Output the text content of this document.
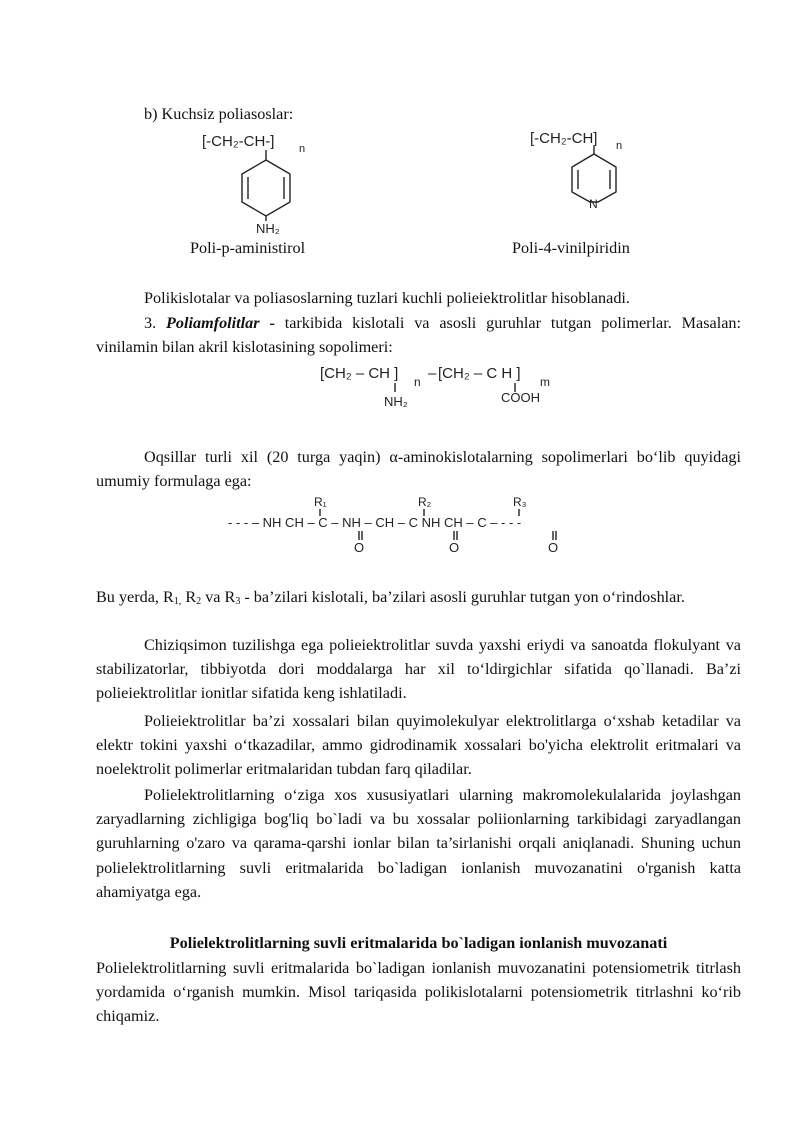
b) Kuchsiz poliasoslar:
[-CH₂-CH-] n
NH₂
[-CH₂-CH] n
N
Poli-p-aministirol	Poli-4-vinilpiridin

Polikislotalar va poliasoslarning tuzlari kuchli polieiektrolitlar hisoblanadi.

3. Poliamfolitlar - tarkibida kislotali va asosli guruhlar tutgan polimerlar. Masalan: vinilamin bilan akril kislotasining sopolimeri:

[CH₂ – CH ] n – [CH₂ – C H ] m
NH₂	COOH

Oqsillar turli xil (20 turga yaqin) α-aminokislotalarning sopolimerlari bo‘lib quyidagi umumiy formulaga ega:

- - - – NH CH – C – NH – CH – C NH CH – C – - - -
R₁	R₂	R₃
O	O	O

Bu yerda, $R_{1,}$ $R_2$ va $R_3$ - ba’zilari kislotali, ba’zilari asosli guruhlar tutgan yon o‘rindoshlar.

Chiziqsimon tuzilishga ega polieiektrolitlar suvda yaxshi eriydi va sanoatda flokulyant va stabilizatorlar, tibbiyotda dori moddalarga har xil to‘ldirgichlar sifatida qo`llanadi. Ba’zi polieiektrolitlar ionitlar sifatida keng ishlatiladi.

Polieiektrolitlar ba’zi xossalari bilan quyimolekulyar elektrolitlarga o‘xshab ketadilar va elektr tokini yaxshi o‘tkazadilar, ammo gidrodinamik xossalari bo'yicha elektrolit eritmalari va noelektrolit polimerlar eritmalaridan tubdan farq qiladilar.

Polielektrolitlarning o‘ziga xos xususiyatlari ularning makromolekulalarida joylashgan zaryadlarning zichligiga bog'liq bo`ladi va bu xossalar poliionlarning tarkibidagi zaryadlangan guruhlarning o'zaro va qarama-qarshi ionlar bilan ta’sirlanishi orqali aniqlanadi. Shuning uchun polielektrolitlarning suvli eritmalarida bo`ladigan ionlanish muvozanatini o'rganish katta ahamiyatga ega.

Polielektrolitlarning suvli eritmalarida bo`ladigan ionlanish muvozanati

Polielektrolitlarning suvli eritmalarida bo`ladigan ionlanish muvozanatini potensiometrik titrlash yordamida o‘rganish mumkin. Misol tariqasida polikislotalarni potensiometrik titrlashni ko‘rib chiqamiz.
